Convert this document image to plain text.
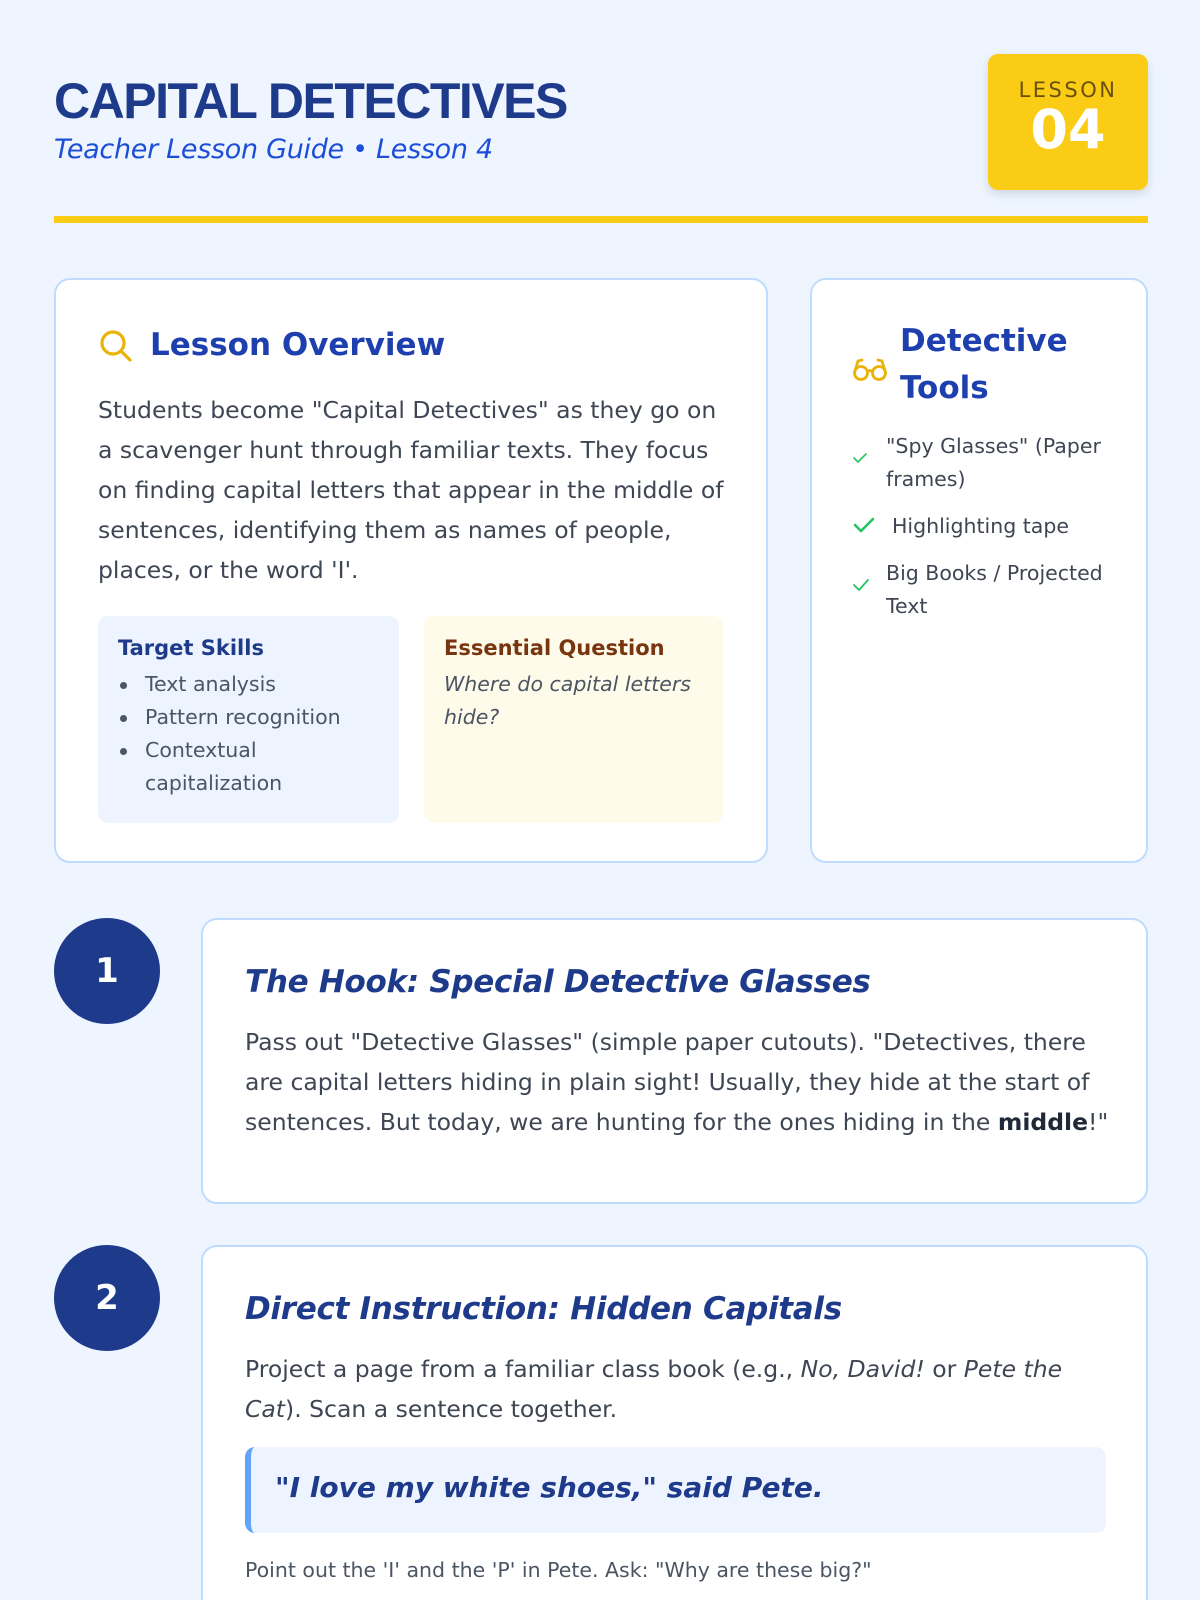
CAPITAL DETECTIVES
Teacher Lesson Guide • Lesson 4
LESSON
04
Lesson Overview
Students become "Capital Detectives" as they go on a scavenger hunt through familiar texts. They focus on finding capital letters that appear in the middle of sentences, identifying them as names of people, places, or the word 'I'.
Target Skills
Text analysis
Pattern recognition
Contextual capitalization
Essential Question
Where do capital letters hide?
Detective Tools
"Spy Glasses" (Paper frames)
Highlighting tape
Big Books / Projected Text
1	The Hook: Special Detective Glasses
Pass out "Detective Glasses" (simple paper cutouts). "Detectives, there are capital letters hiding in plain sight! Usually, they hide at the start of sentences. But today, we are hunting for the ones hiding in the middle!"
2	Direct Instruction: Hidden Capitals
Project a page from a familiar class book (e.g., No, David! or Pete the Cat). Scan a sentence together.
"I love my white shoes," said Pete.
Point out the 'I' and the 'P' in Pete. Ask: "Why are these big?"
